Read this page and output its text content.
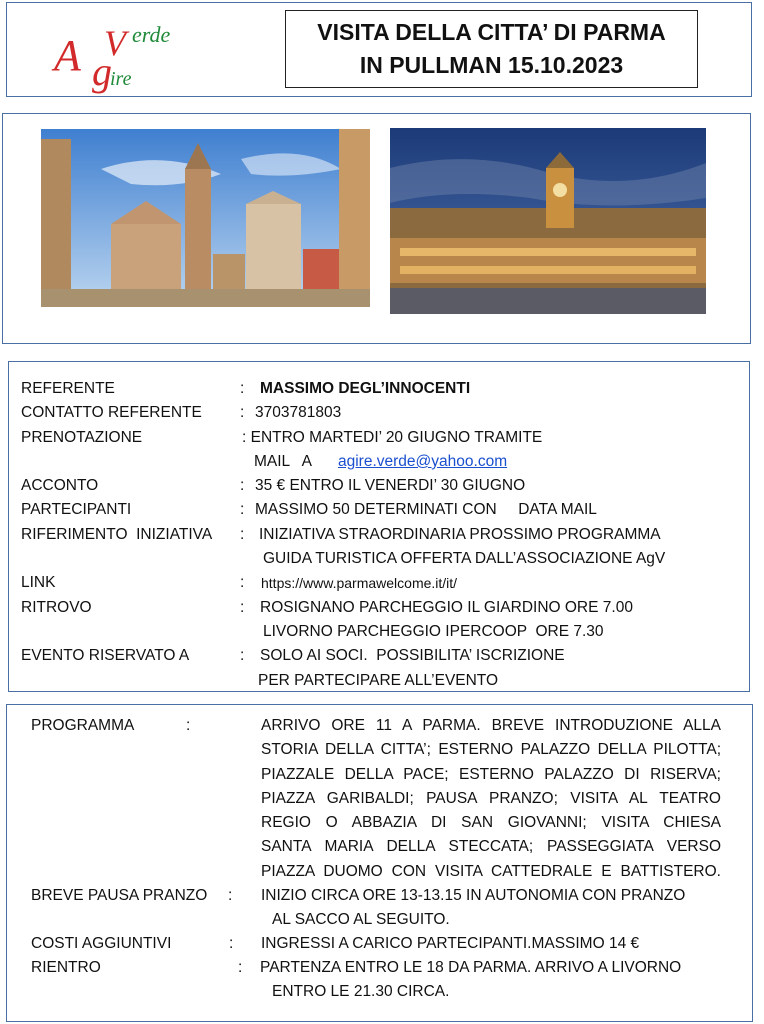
A V erde
g
ire
VISITA DELLA CITTA’ DI PARMA
IN PULLMAN 15.10.2023
REFERENTE	: MASSIMO DEGL’INNOCENTI
CONTATTO REFERENTE : 3703781803
PRENOTAZIONE	: ENTRO MARTEDI’ 20 GIUGNO TRAMITE
MAIL   A agire.verde@yahoo.com
ACCONTO	: 35 € ENTRO IL VENERDI’ 30 GIUGNO
PARTECIPANTI	: MASSIMO 50 DETERMINATI CON     DATA MAIL
RIFERIMENTO  INIZIATIVA : INIZIATIVA STRAORDINARIA PROSSIMO PROGRAMMA
GUIDA TURISTICA OFFERTA DALL’ASSOCIAZIONE AgV
LINK	: https://www.parmawelcome.it/it/
RITROVO	: ROSIGNANO PARCHEGGIO IL GIARDINO ORE 7.00
LIVORNO PARCHEGGIO IPERCOOP  ORE 7.30
EVENTO RISERVATO A	: SOLO AI SOCI.  POSSIBILITA’ ISCRIZIONE
PER PARTECIPARE ALL’EVENTO
PROGRAMMA	:	ARRIVO ORE 11 A PARMA. BREVE INTRODUZIONE ALLA
STORIA DELLA CITTA’; ESTERNO PALAZZO DELLA PILOTTA;
PIAZZALE DELLA PACE; ESTERNO PALAZZO DI RISERVA;
PIAZZA GARIBALDI; PAUSA PRANZO; VISITA AL TEATRO
REGIO O ABBAZIA DI SAN GIOVANNI; VISITA CHIESA
SANTA MARIA DELLA STECCATA; PASSEGGIATA VERSO
PIAZZA DUOMO CON VISITA CATTEDRALE E BATTISTERO.
BREVE PAUSA PRANZO : INIZIO CIRCA ORE 13-13.15 IN AUTONOMIA CON PRANZO
AL SACCO AL SEGUITO.
COSTI AGGIUNTIVI	: INGRESSI A CARICO PARTECIPANTI.MASSIMO 14 €
RIENTRO	: PARTENZA ENTRO LE 18 DA PARMA. ARRIVO A LIVORNO
ENTRO LE 21.30 CIRCA.
